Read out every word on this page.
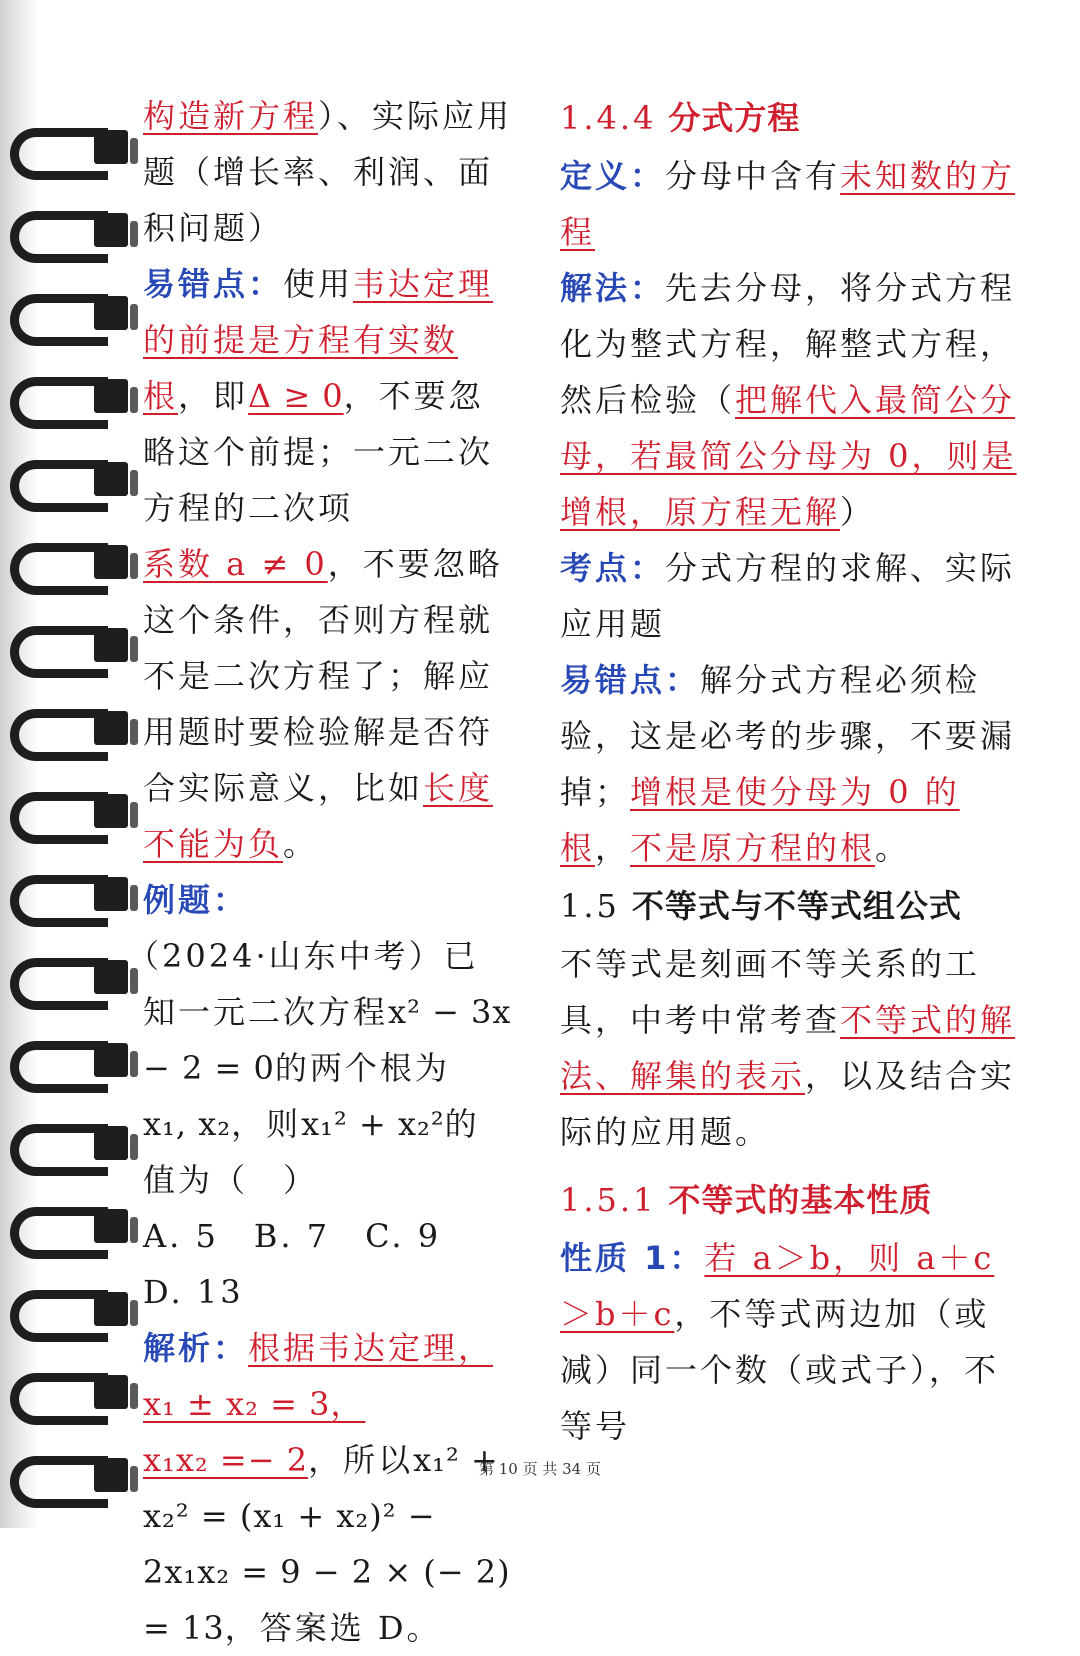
构造新方程）、实际应用题（增长率、利润、面积问题）

易错点：使用韦达定理的前提是方程有实数根，即Δ ≥ 0，不要忽略这个前提；一元二次方程的二次项系数 a ≠ 0，不要忽略这个条件，否则方程就不是二次方程了；解应用题时要检验解是否符合实际意义，比如长度不能为负。

例题：（2024·山东中考）已知一元二次方程x² − 3x − 2 = 0的两个根为x₁, x₂，则x₁² + x₂²的值为（　）

A. 5　 B. 7　 C. 9　D. 13

解析：根据韦达定理，x₁ ± x₂ = 3，x₁x₂ =− 2，所以x₁² + x₂² = (x₁ + x₂)² − 2x₁x₂ = 9 − 2 × (− 2) = 13，答案选 D。

1.4.4 分式方程

定义：分母中含有未知数的方程

解法：先去分母，将分式方程化为整式方程，解整式方程，然后检验（把解代入最简公分母，若最简公分母为 0，则是增根，原方程无解）

考点：分式方程的求解、实际应用题

易错点：解分式方程必须检验，这是必考的步骤，不要漏掉；增根是使分母为 0 的根，不是原方程的根。

1.5 不等式与不等式组公式

不等式是刻画不等关系的工具，中考中常考查不等式的解法、解集的表示，以及结合实际的应用题。

1.5.1 不等式的基本性质

性质 1：若 a＞b，则 a＋c＞b＋c，不等式两边加（或减）同一个数（或式子），不等号

第 10 页 共 34 页
